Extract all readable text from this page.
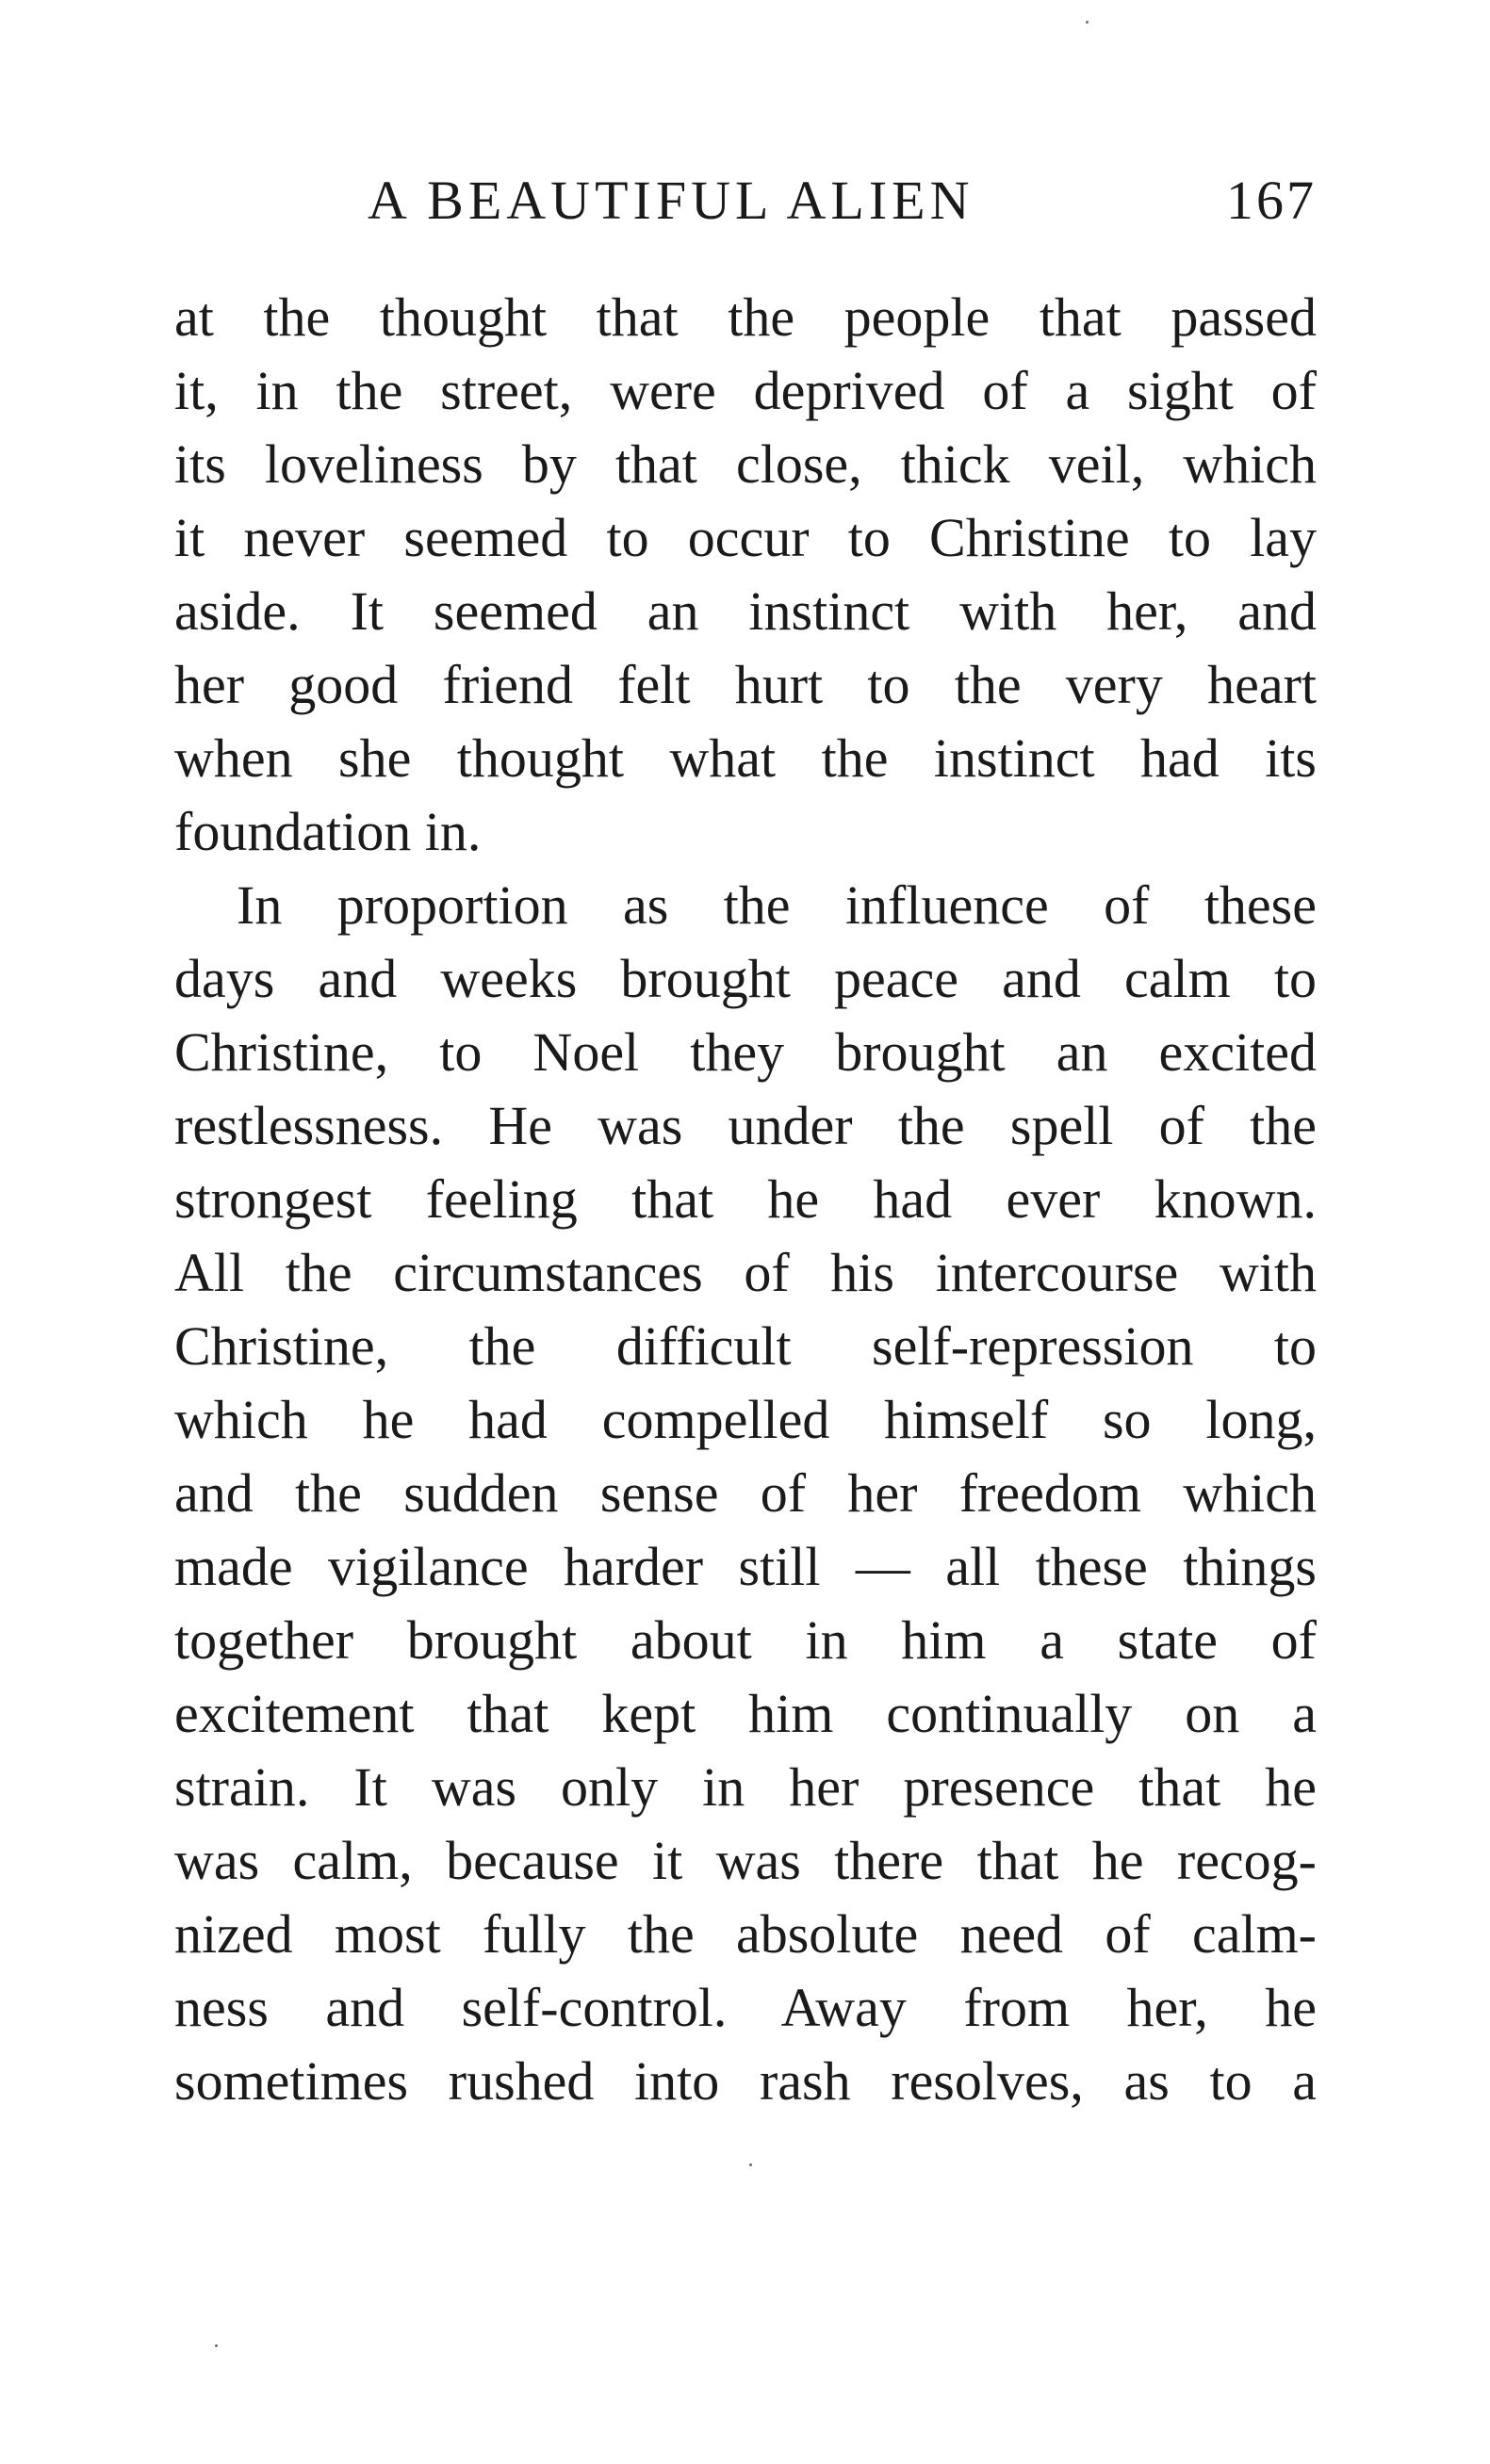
A BEAUTIFUL ALIEN	167
at the thought that the people that passed
it, in the street, were deprived of a sight of
its loveliness by that close, thick veil, which
it never seemed to occur to Christine to lay
aside. It seemed an instinct with her, and
her good friend felt hurt to the very heart
when she thought what the instinct had its
foundation in.
In proportion as the influence of these
days and weeks brought peace and calm to
Christine, to Noel they brought an excited
restlessness. He was under the spell of the
strongest feeling that he had ever known.
All the circumstances of his intercourse with
Christine, the difficult self-repression to
which he had compelled himself so long,
and the sudden sense of her freedom which
made vigilance harder still — all these things
together brought about in him a state of
excitement that kept him continually on a
strain. It was only in her presence that he
was calm, because it was there that he recog-
nized most fully the absolute need of calm-
ness and self-control. Away from her, he
sometimes rushed into rash resolves, as to a
